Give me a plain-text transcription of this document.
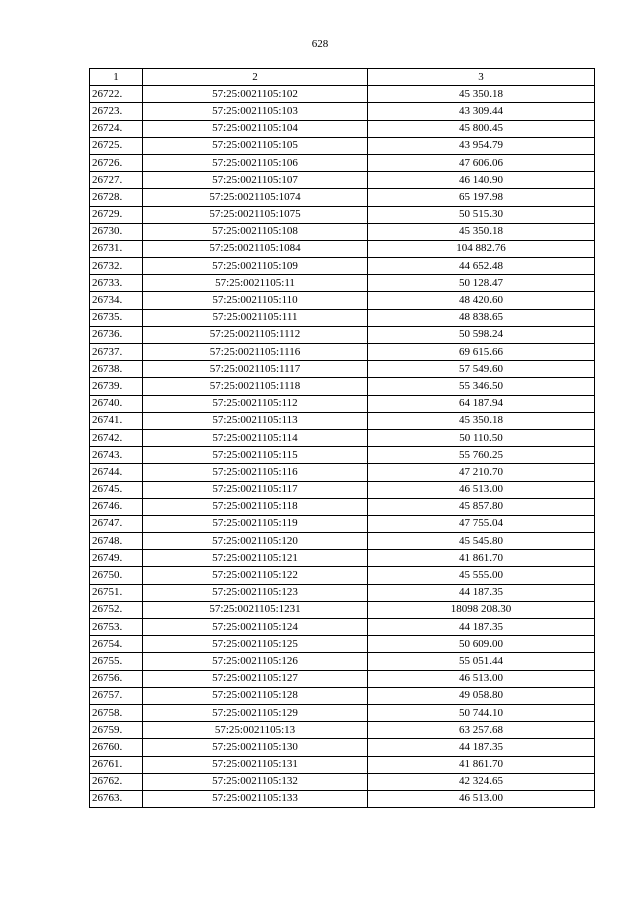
628
1	2	3
26722.	57:25:0021105:102	45 350.18
26723.	57:25:0021105:103	43 309.44
26724.	57:25:0021105:104	45 800.45
26725.	57:25:0021105:105	43 954.79
26726.	57:25:0021105:106	47 606.06
26727.	57:25:0021105:107	46 140.90
26728.	57:25:0021105:1074	65 197.98
26729.	57:25:0021105:1075	50 515.30
26730.	57:25:0021105:108	45 350.18
26731.	57:25:0021105:1084	104 882.76
26732.	57:25:0021105:109	44 652.48
26733.	57:25:0021105:11	50 128.47
26734.	57:25:0021105:110	48 420.60
26735.	57:25:0021105:111	48 838.65
26736.	57:25:0021105:1112	50 598.24
26737.	57:25:0021105:1116	69 615.66
26738.	57:25:0021105:1117	57 549.60
26739.	57:25:0021105:1118	55 346.50
26740.	57:25:0021105:112	64 187.94
26741.	57:25:0021105:113	45 350.18
26742.	57:25:0021105:114	50 110.50
26743.	57:25:0021105:115	55 760.25
26744.	57:25:0021105:116	47 210.70
26745.	57:25:0021105:117	46 513.00
26746.	57:25:0021105:118	45 857.80
26747.	57:25:0021105:119	47 755.04
26748.	57:25:0021105:120	45 545.80
26749.	57:25:0021105:121	41 861.70
26750.	57:25:0021105:122	45 555.00
26751.	57:25:0021105:123	44 187.35
26752.	57:25:0021105:1231	18098 208.30
26753.	57:25:0021105:124	44 187.35
26754.	57:25:0021105:125	50 609.00
26755.	57:25:0021105:126	55 051.44
26756.	57:25:0021105:127	46 513.00
26757.	57:25:0021105:128	49 058.80
26758.	57:25:0021105:129	50 744.10
26759.	57:25:0021105:13	63 257.68
26760.	57:25:0021105:130	44 187.35
26761.	57:25:0021105:131	41 861.70
26762.	57:25:0021105:132	42 324.65
26763.	57:25:0021105:133	46 513.00
